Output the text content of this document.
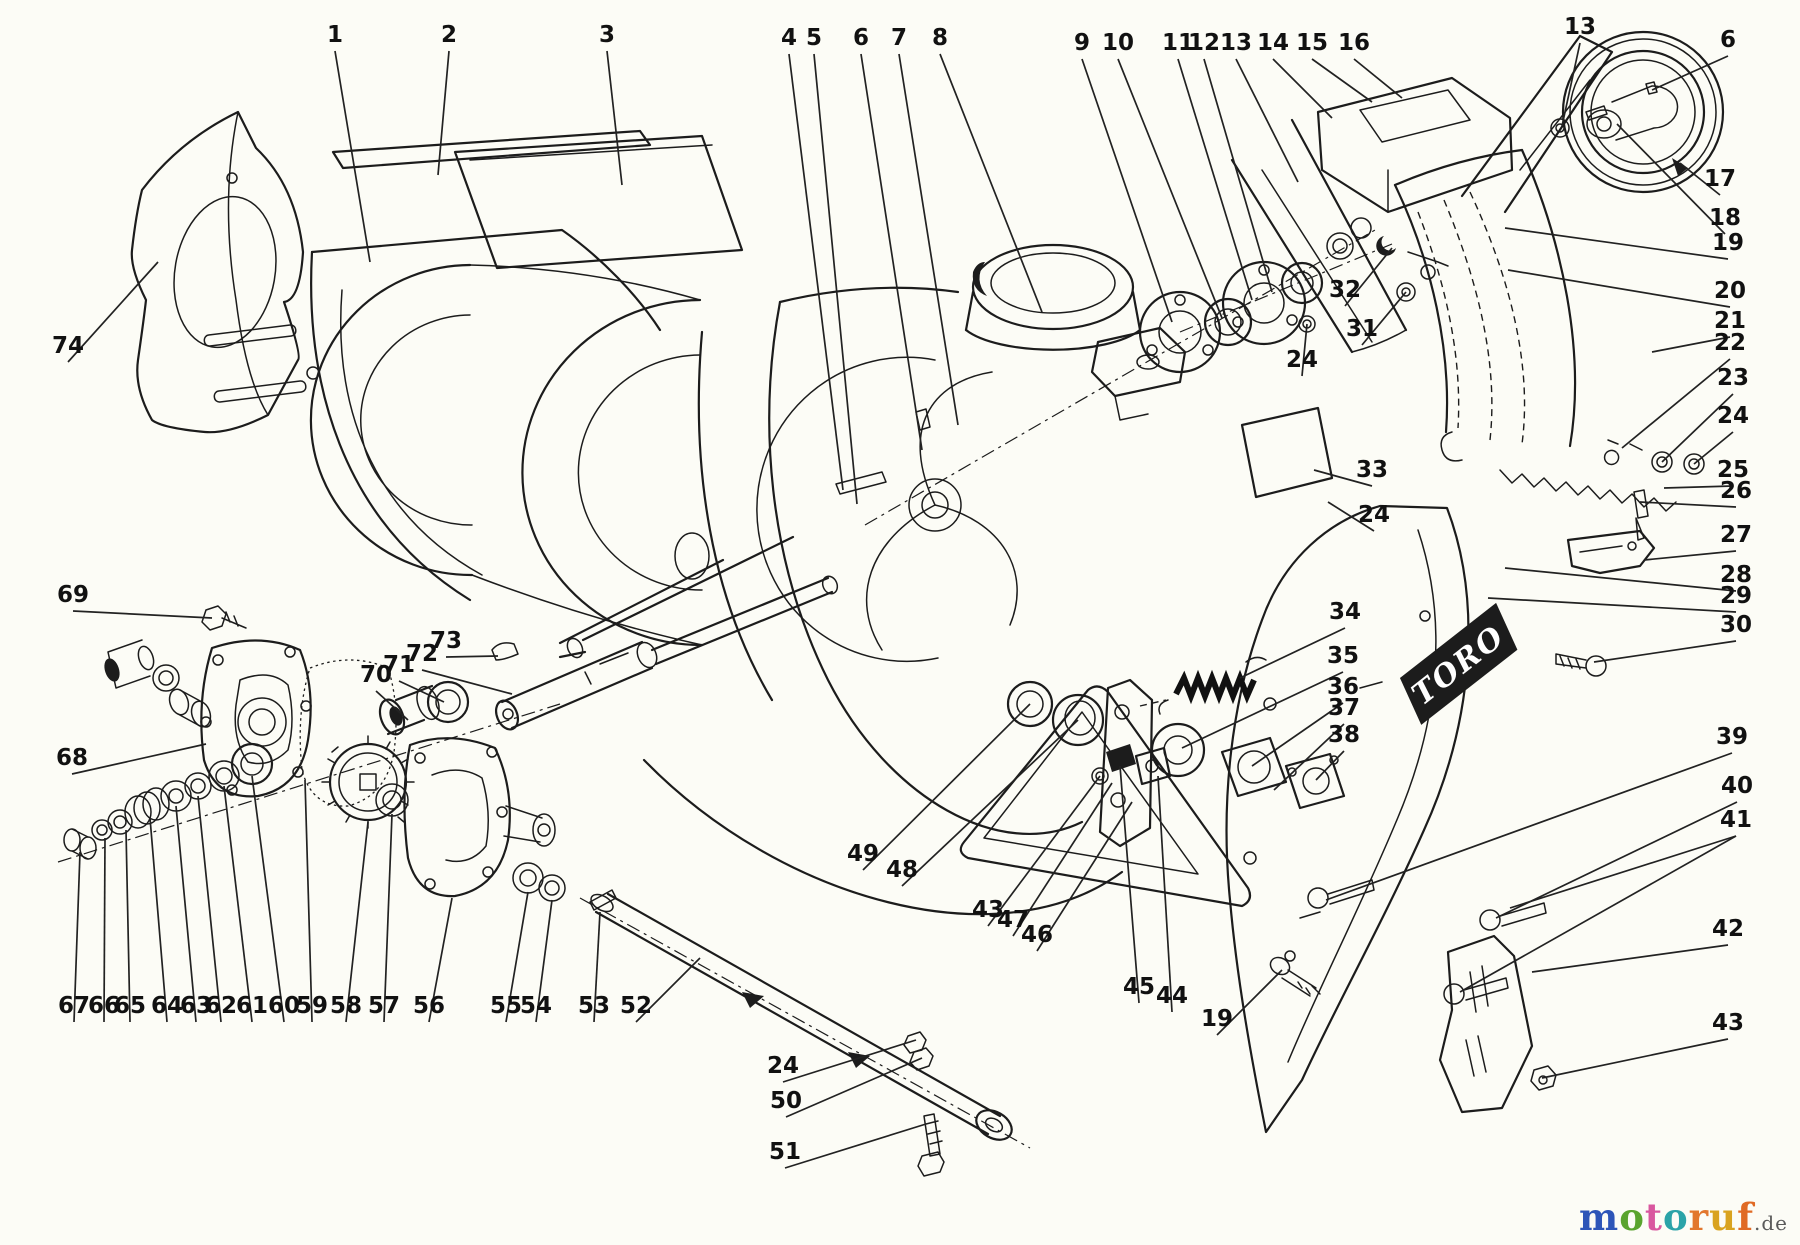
TORO
1	2	3	4 5 6 7 8	9 10 11
12 13 14 15 16
13	6
17
18
19
20
21
22
23
24
25
26
27
28
29
30
39
40
41
42
43
74
69
68
67
66
65 64
63
62
61 60
59 58 57 56 55
54 53 52
70
71
72
73
32
31
24
33
24
34
35
36
37
38
49
48
43
47
46
45 44
19
24
50
51
motoruf.de
